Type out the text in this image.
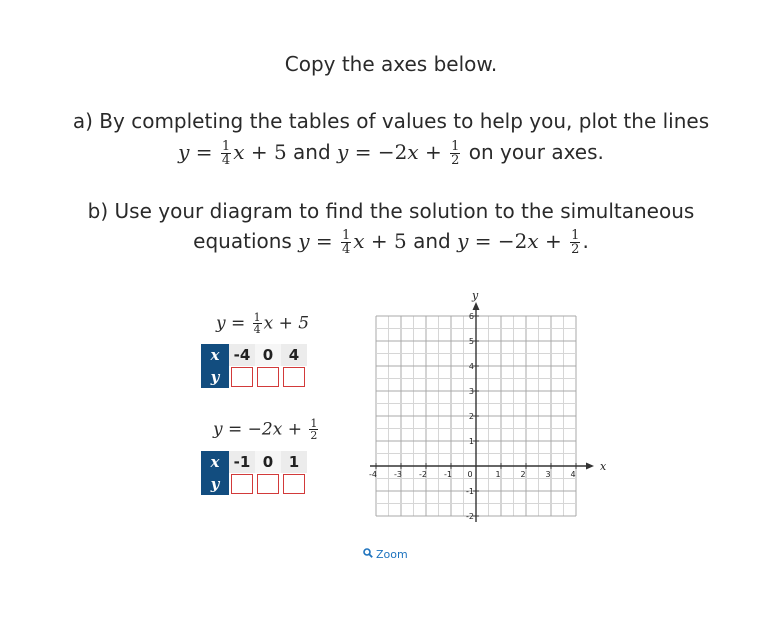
Copy the axes below.
a) By completing the tables of values to help you, plot the lines
$y = \frac{1}{4}$ x + 5 and $y = -2x + \frac{1}{2}$ on your axes.
b) Use your diagram to find the solution to the simultaneous
equations $y = \frac{1}{4}$ x + 5 and $y = -2x + \frac{1}{2}$ .
$y = \frac{1}{4}$ x + 5
x	-4	0	4
y			
$y = -2x + \frac{1}{2}$
x	-1	0	1
y			
x
y
-4 -3 -2 -1 0	1 2 3 4
-2
-1
1
2
3
4
5
6
Zoom
